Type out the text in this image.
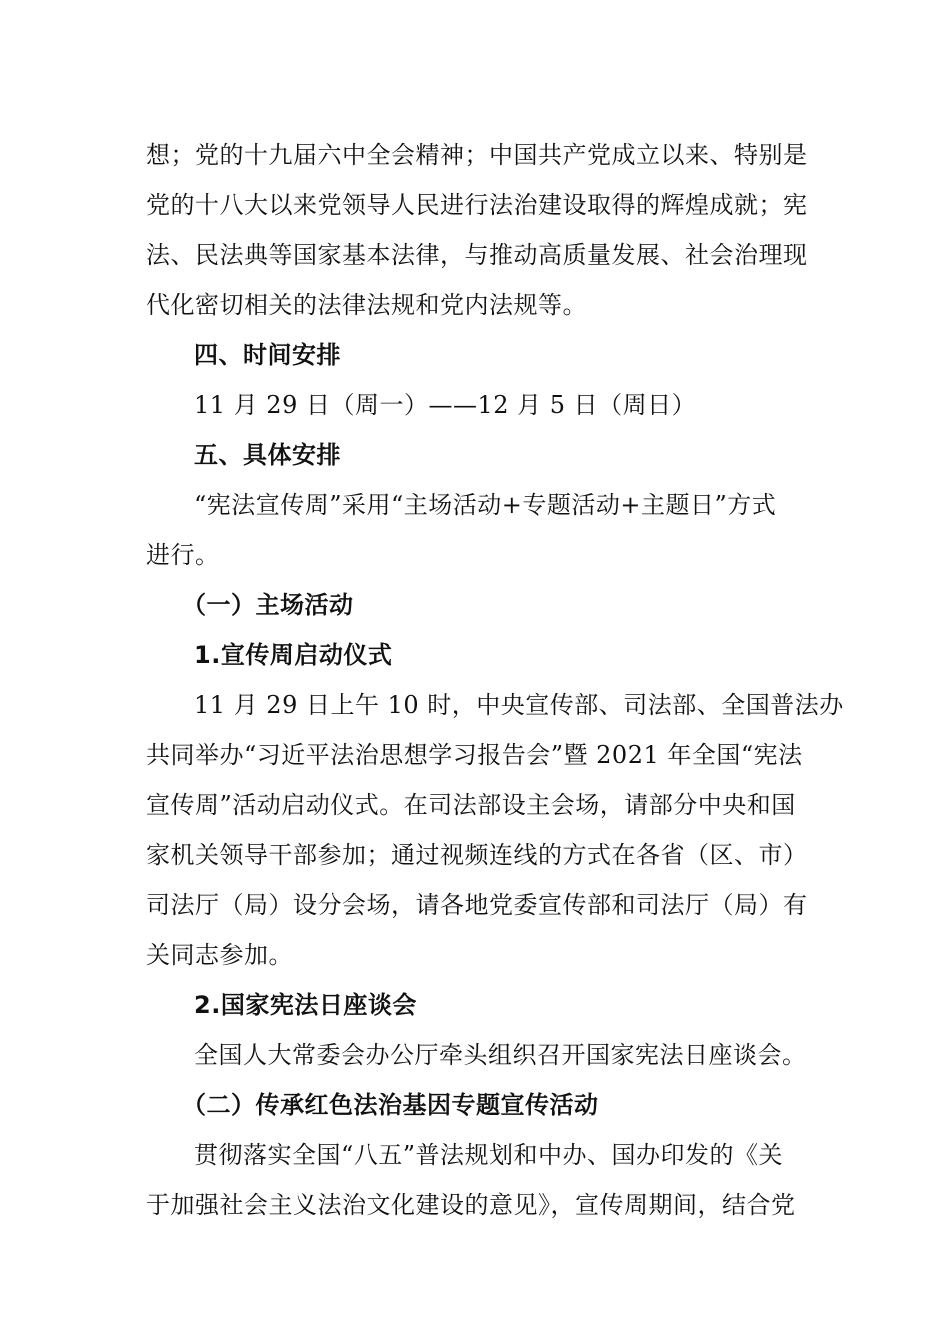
想；党的十九届六中全会精神；中国共产党成立以来、特别是
党的十八大以来党领导人民进行法治建设取得的辉煌成就；宪
法、民法典等国家基本法律，与推动高质量发展、社会治理现
代化密切相关的法律法规和党内法规等。
四、时间安排
11 月 29 日（周一）——12 月 5 日（周日）
五、具体安排
“宪法宣传周”采用“主场活动+专题活动+主题日”方式
进行。
（一）主场活动
1.宣传周启动仪式
11 月 29 日上午 10 时，中央宣传部、司法部、全国普法办
共同举办“习近平法治思想学习报告会”暨 2021 年全国“宪法
宣传周”活动启动仪式。在司法部设主会场，请部分中央和国
家机关领导干部参加；通过视频连线的方式在各省（区、市）
司法厅（局）设分会场，请各地党委宣传部和司法厅（局）有
关同志参加。
2.国家宪法日座谈会
全国人大常委会办公厅牵头组织召开国家宪法日座谈会。
（二）传承红色法治基因专题宣传活动
贯彻落实全国“八五”普法规划和中办、国办印发的《关
于加强社会主义法治文化建设的意见》，宣传周期间，结合党
